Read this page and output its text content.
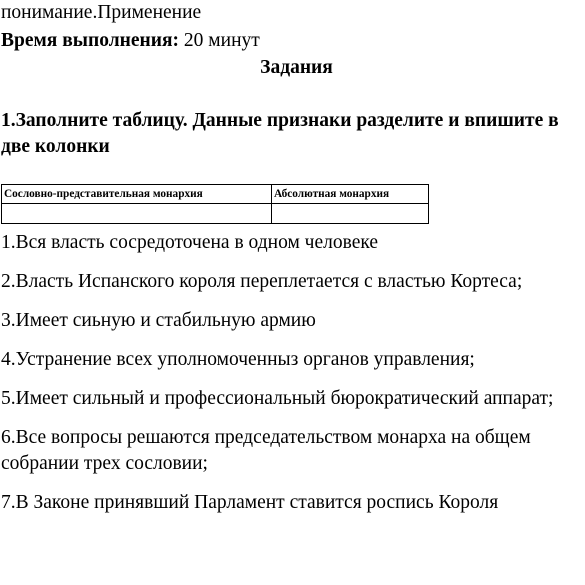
понимание.Применение
Время выполнения: 20 минут
Задания
1.Заполните таблицу. Данные признаки разделите и впишите в две колонки
Сословно-представительная монархия	Абсолютная монархия

1.Вся власть сосредоточена в одном человеке

2.Власть Испанского короля переплетается с властью Кортеса;

3.Имеет сиьную и стабильную армию

4.Устранение всех уполномоченныз органов управления;

5.Имеет сильный и профессиональный бюрократический аппарат;

6.Все вопросы решаются председательством монарха на общем собрании трех сословии;

7.В Законе принявший Парламент ставится роспись Короля
